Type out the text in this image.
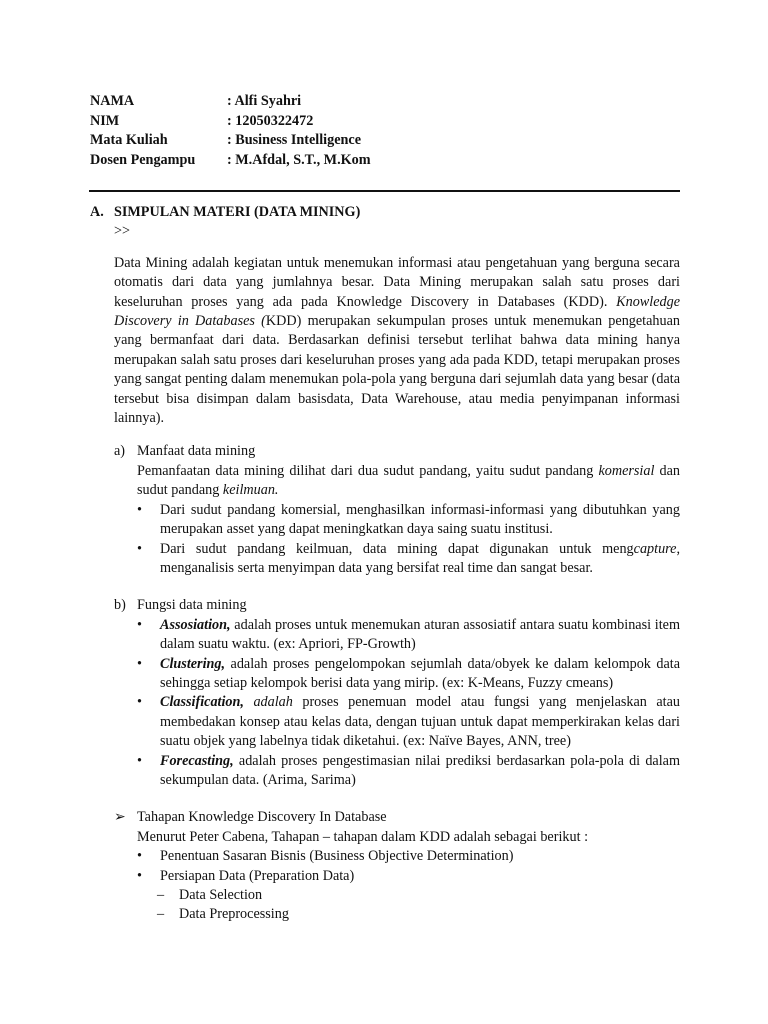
NAMA	: Alfi Syahri
NIM	: 12050322472
Mata Kuliah	: Business Intelligence
Dosen Pengampu	: M.Afdal, S.T., M.Kom
A. SIMPULAN MATERI (DATA MINING)
>>
Data Mining adalah kegiatan untuk menemukan informasi atau pengetahuan yang berguna secara otomatis dari data yang jumlahnya besar. Data Mining merupakan salah satu proses dari keseluruhan proses yang ada pada Knowledge Discovery in Databases (KDD). Knowledge Discovery in Databases (KDD) merupakan sekumpulan proses untuk menemukan pengetahuan yang bermanfaat dari data. Berdasarkan definisi tersebut terlihat bahwa data mining hanya merupakan salah satu proses dari keseluruhan proses yang ada pada KDD, tetapi merupakan proses yang sangat penting dalam menemukan pola-pola yang berguna dari sejumlah data yang besar (data tersebut bisa disimpan dalam basisdata, Data Warehouse, atau media penyimpanan informasi lainnya).
a) Manfaat data mining
Pemanfaatan data mining dilihat dari dua sudut pandang, yaitu sudut pandang komersial dan sudut pandang keilmuan.
•	Dari sudut pandang komersial, menghasilkan informasi-informasi yang dibutuhkan yang merupakan asset yang dapat meningkatkan daya saing suatu institusi.
•	Dari sudut pandang keilmuan, data mining dapat digunakan untuk mengcapture, menganalisis serta menyimpan data yang bersifat real time dan sangat besar.
b) Fungsi data mining
•	Assosiation, adalah proses untuk menemukan aturan assosiatif antara suatu kombinasi item dalam suatu waktu. (ex: Apriori, FP-Growth)
•	Clustering, adalah proses pengelompokan sejumlah data/obyek ke dalam kelompok data sehingga setiap kelompok berisi data yang mirip. (ex: K-Means, Fuzzy cmeans)
•	Classification, adalah proses penemuan model atau fungsi yang menjelaskan atau membedakan konsep atau kelas data, dengan tujuan untuk dapat memperkirakan kelas dari suatu objek yang labelnya tidak diketahui. (ex: Naïve Bayes, ANN, tree)
•	Forecasting, adalah proses pengestimasian nilai prediksi berdasarkan pola-pola di dalam sekumpulan data. (Arima, Sarima)
➢ Tahapan Knowledge Discovery In Database
Menurut Peter Cabena, Tahapan – tahapan dalam KDD adalah sebagai berikut :
•	Penentuan Sasaran Bisnis (Business Objective Determination)
•	Persiapan Data (Preparation Data)
–	Data Selection
–	Data Preprocessing
